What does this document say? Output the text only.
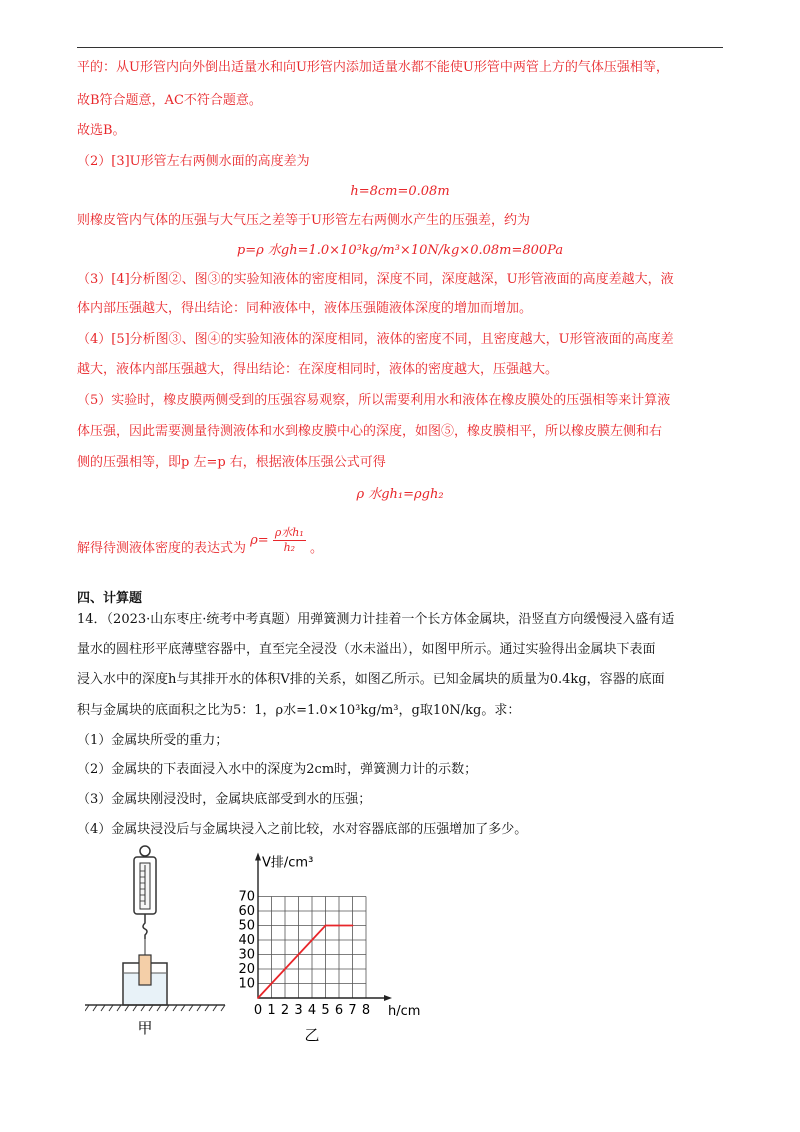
平的：从U形管内向外倒出适量水和向U形管内添加适量水都不能使U形管中两管上方的气体压强相等，
故B符合题意，AC不符合题意。
故选B。
（2）[3]U形管左右两侧水面的高度差为
h=8cm=0.08m
则橡皮管内气体的压强与大气压之差等于U形管左右两侧水产生的压强差，约为
p=ρ 水gh=1.0×10³kg/m³×10N/kg×0.08m=800Pa
（3）[4]分析图②、图③的实验知液体的密度相同，深度不同，深度越深，U形管液面的高度差越大，液
体内部压强越大，得出结论：同种液体中，液体压强随液体深度的增加而增加。
（4）[5]分析图③、图④的实验知液体的深度相同，液体的密度不同，且密度越大，U形管液面的高度差
越大，液体内部压强越大，得出结论：在深度相同时，液体的密度越大，压强越大。
（5）实验时，橡皮膜两侧受到的压强容易观察，所以需要利用水和液体在橡皮膜处的压强相等来计算液
体压强，因此需要测量待测液体和水到橡皮膜中心的深度，如图⑤，橡皮膜相平，所以橡皮膜左侧和右
侧的压强相等，即p 左=p 右，根据液体压强公式可得
ρ 水gh₁=ρgh₂
解得待测液体密度的表达式为 $\rho= \frac{\text{ρ水h₁}}{\text{h₂}}$ 。
四、计算题
14．（2023·山东枣庄·统考中考真题）用弹簧测力计挂着一个长方体金属块，沿竖直方向缓慢浸入盛有适
量水的圆柱形平底薄壁容器中，直至完全浸没（水未溢出），如图甲所示。通过实验得出金属块下表面
浸入水中的深度h与其排开水的体积V排的关系，如图乙所示。已知金属块的质量为0.4kg，容器的底面
积与金属块的底面积之比为5：1，ρ水=1.0×10³kg/m³，g取10N/kg。求：
（1）金属块所受的重力；
（2）金属块的下表面浸入水中的深度为2cm时，弹簧测力计的示数；
（3）金属块刚浸没时，金属块底部受到水的压强；
（4）金属块浸没后与金属块浸入之前比较，水对容器底部的压强增加了多少。
甲
0 1 2 3 4 5 6 7 8
10
20
30
40
50
60
70
V排/cm³
h/cm
乙
